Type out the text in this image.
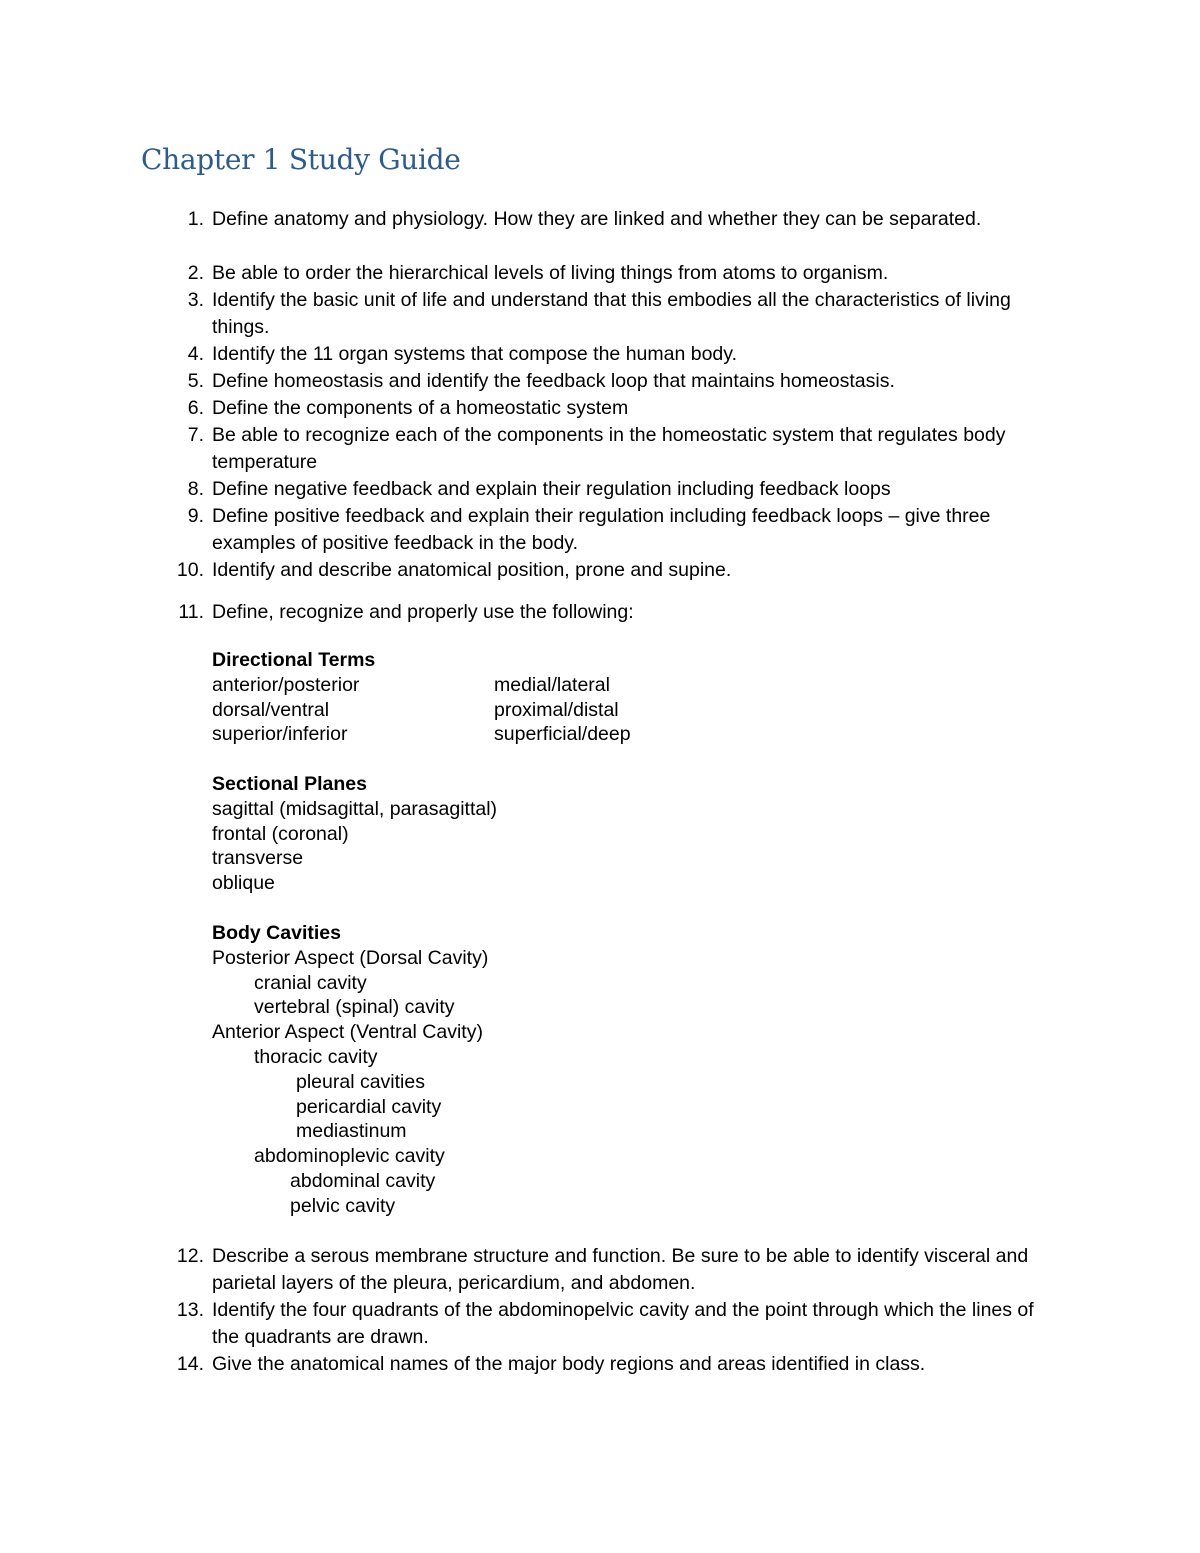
Chapter 1 Study Guide
1. Define anatomy and physiology. How they are linked and whether they can be separated.
2. Be able to order the hierarchical levels of living things from atoms to organism.
3. Identify the basic unit of life and understand that this embodies all the characteristics of living things.
4. Identify the 11 organ systems that compose the human body.
5. Define homeostasis and identify the feedback loop that maintains homeostasis.
6. Define the components of a homeostatic system
7. Be able to recognize each of the components in the homeostatic system that regulates body temperature
8. Define negative feedback and explain their regulation including feedback loops
9. Define positive feedback and explain their regulation including feedback loops – give three examples of positive feedback in the body.
10. Identify and describe anatomical position, prone and supine.
11. Define, recognize and properly use the following:
Directional Terms
anterior/posterior	medial/lateral
dorsal/ventral	proximal/distal
superior/inferior	superficial/deep
Sectional Planes
sagittal (midsagittal, parasagittal)
frontal (coronal)
transverse
oblique
Body Cavities
Posterior Aspect (Dorsal Cavity)
cranial cavity
vertebral (spinal) cavity
Anterior Aspect (Ventral Cavity)
thoracic cavity
pleural cavities
pericardial cavity
mediastinum
abdominoplevic cavity
abdominal cavity
pelvic cavity
12. Describe a serous membrane structure and function. Be sure to be able to identify visceral and parietal layers of the pleura, pericardium, and abdomen.
13. Identify the four quadrants of the abdominopelvic cavity and the point through which the lines of the quadrants are drawn.
14. Give the anatomical names of the major body regions and areas identified in class.
